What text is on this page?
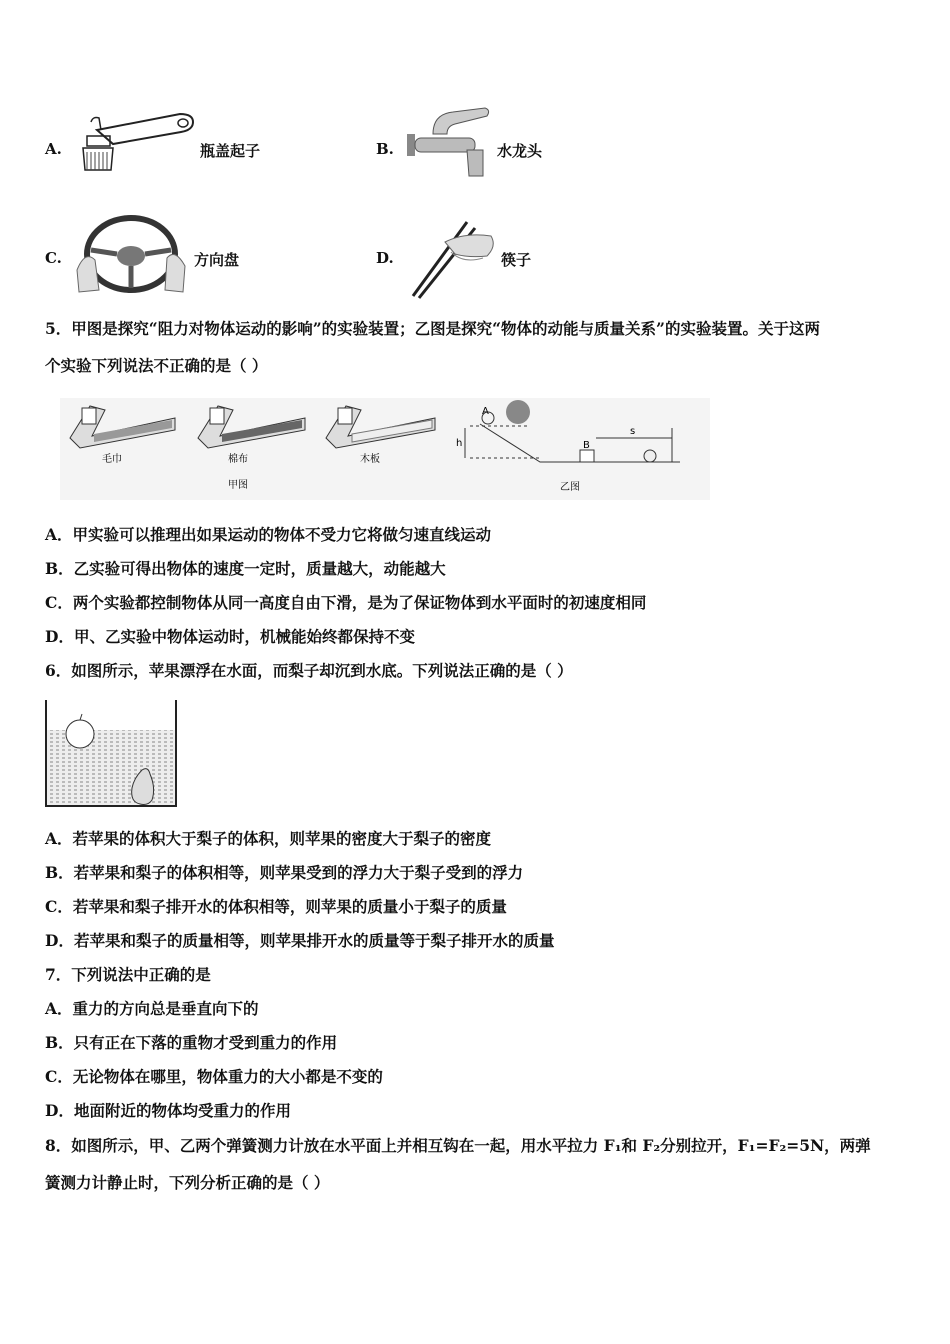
A.	瓶盖起子	B.	水龙头
C.	方向盘	D.	筷子
5．甲图是探究“阻力对物体运动的影响”的实验装置；乙图是探究“物体的动能与质量关系”的实验装置。关于这两
个实验下列说法不正确的是（ ）
毛巾	棉布	木板
甲图
A
B
h
s
乙图
A．甲实验可以推理出如果运动的物体不受力它将做匀速直线运动
B．乙实验可得出物体的速度一定时，质量越大，动能越大
C．两个实验都控制物体从同一高度自由下滑，是为了保证物体到水平面时的初速度相同
D．甲、乙实验中物体运动时，机械能始终都保持不变
6．如图所示，苹果漂浮在水面，而梨子却沉到水底。下列说法正确的是（ ）
A．若苹果的体积大于梨子的体积，则苹果的密度大于梨子的密度
B．若苹果和梨子的体积相等，则苹果受到的浮力大于梨子受到的浮力
C．若苹果和梨子排开水的体积相等，则苹果的质量小于梨子的质量
D．若苹果和梨子的质量相等，则苹果排开水的质量等于梨子排开水的质量
7．下列说法中正确的是
A．重力的方向总是垂直向下的
B．只有正在下落的重物才受到重力的作用
C．无论物体在哪里，物体重力的大小都是不变的
D．地面附近的物体均受重力的作用
8．如图所示，甲、乙两个弹簧测力计放在水平面上并相互钩在一起，用水平拉力 F₁和 F₂分别拉开，F₁=F₂=5N，两弹
簧测力计静止时，下列分析正确的是（ ）
